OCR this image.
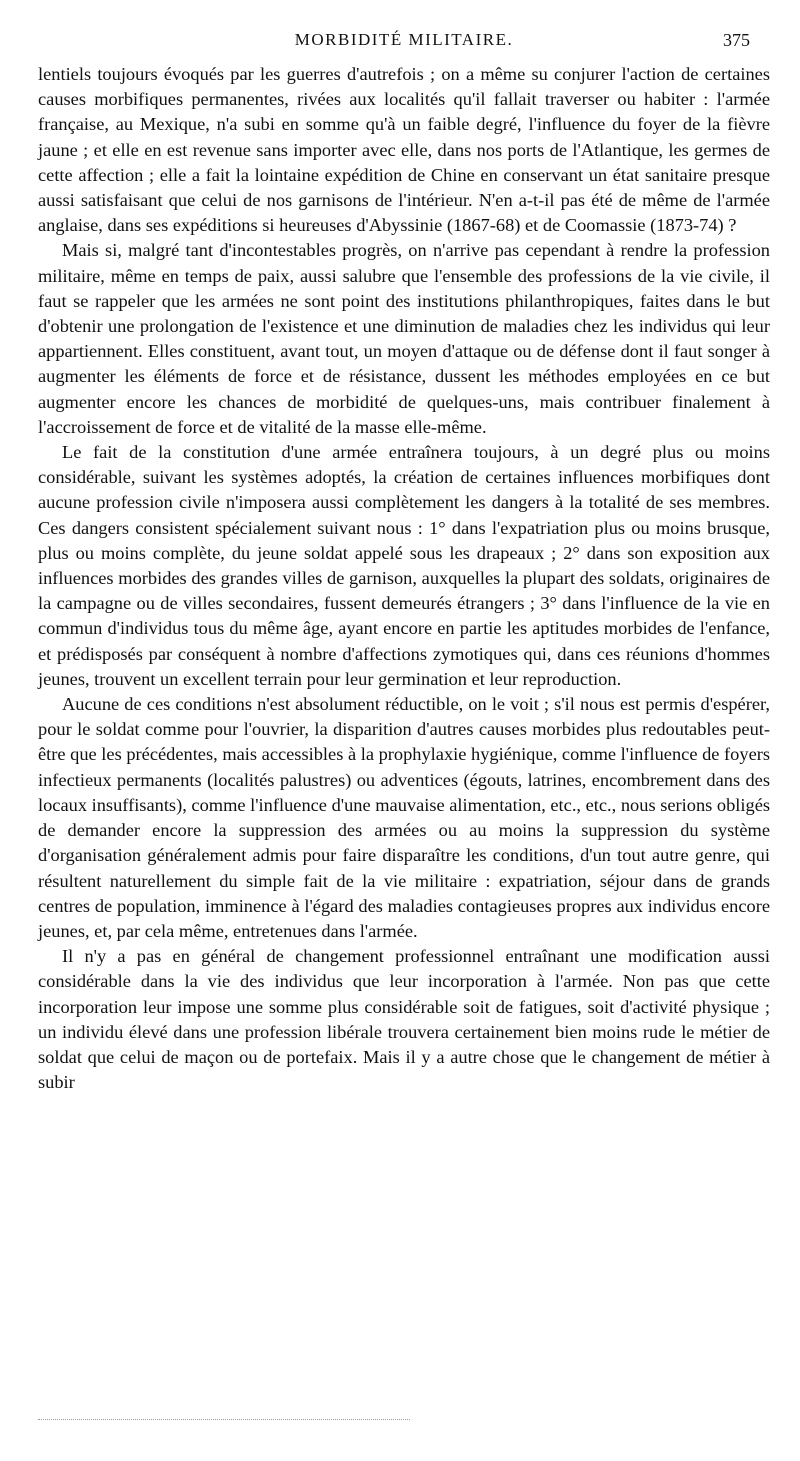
MORBIDITÉ MILITAIRE.	375

lentiels toujours évoqués par les guerres d'autrefois ; on a même su conjurer l'action de certaines causes morbifiques permanentes, rivées aux localités qu'il fallait traverser ou habiter : l'armée française, au Mexique, n'a subi en somme qu'à un faible degré, l'influence du foyer de la fièvre jaune ; et elle en est revenue sans importer avec elle, dans nos ports de l'Atlantique, les germes de cette affection ; elle a fait la lointaine expédition de Chine en conservant un état sanitaire presque aussi satisfaisant que celui de nos garnisons de l'intérieur. N'en a-t-il pas été de même de l'armée anglaise, dans ses expéditions si heureuses d'Abyssinie (1867-68) et de Coomassie (1873-74) ?

Mais si, malgré tant d'incontestables progrès, on n'arrive pas cependant à rendre la profession militaire, même en temps de paix, aussi salubre que l'ensemble des professions de la vie civile, il faut se rappeler que les armées ne sont point des institutions philanthropiques, faites dans le but d'obtenir une prolongation de l'existence et une diminution de maladies chez les individus qui leur appartiennent. Elles constituent, avant tout, un moyen d'attaque ou de défense dont il faut songer à augmenter les éléments de force et de résistance, dussent les méthodes employées en ce but augmenter encore les chances de morbidité de quelques-uns, mais contribuer finalement à l'accroissement de force et de vitalité de la masse elle-même.

Le fait de la constitution d'une armée entraînera toujours, à un degré plus ou moins considérable, suivant les systèmes adoptés, la création de certaines influences morbifiques dont aucune profession civile n'imposera aussi complètement les dangers à la totalité de ses membres. Ces dangers consistent spécialement suivant nous : 1° dans l'expatriation plus ou moins brusque, plus ou moins complète, du jeune soldat appelé sous les drapeaux ; 2° dans son exposition aux influences morbides des grandes villes de garnison, auxquelles la plupart des soldats, originaires de la campagne ou de villes secondaires, fussent demeurés étrangers ; 3° dans l'influence de la vie en commun d'individus tous du même âge, ayant encore en partie les aptitudes morbides de l'enfance, et prédisposés par conséquent à nombre d'affections zymotiques qui, dans ces réunions d'hommes jeunes, trouvent un excellent terrain pour leur germination et leur reproduction.

Aucune de ces conditions n'est absolument réductible, on le voit ; s'il nous est permis d'espérer, pour le soldat comme pour l'ouvrier, la disparition d'autres causes morbides plus redoutables peut-être que les précédentes, mais accessibles à la prophylaxie hygiénique, comme l'influence de foyers infectieux permanents (localités palustres) ou adventices (égouts, latrines, encombrement dans des locaux insuffisants), comme l'influence d'une mauvaise alimentation, etc., etc., nous serions obligés de demander encore la suppression des armées ou au moins la suppression du système d'organisation généralement admis pour faire disparaître les conditions, d'un tout autre genre, qui résultent naturellement du simple fait de la vie militaire : expatriation, séjour dans de grands centres de population, imminence à l'égard des maladies contagieuses propres aux individus encore jeunes, et, par cela même, entretenues dans l'armée.

Il n'y a pas en général de changement professionnel entraînant une modification aussi considérable dans la vie des individus que leur incorporation à l'armée. Non pas que cette incorporation leur impose une somme plus considérable soit de fatigues, soit d'activité physique ; un individu élevé dans une profession libérale trouvera certainement bien moins rude le métier de soldat que celui de maçon ou de portefaix. Mais il y a autre chose que le changement de métier à subir
